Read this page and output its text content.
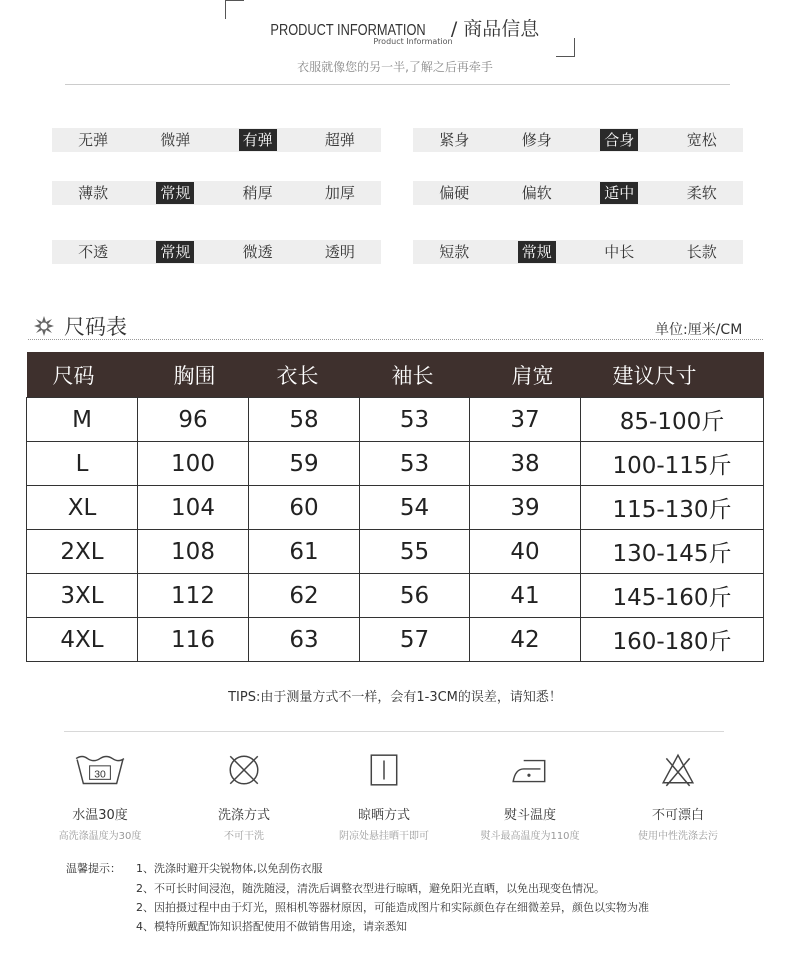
PRODUCT INFORMATION / 商品信息
Product Information
衣服就像您的另一半,了解之后再牵手
尺码表	单位:厘米/CM
尺码	胸围	衣长	袖长	肩宽	建议尺寸
M	96	58	53	37	85-100斤
L	100	59	53	38	100-115斤
XL	104	60	54	39	115-130斤
2XL	108	61	55	40	130-145斤
3XL	112	62	56	41	145-160斤
4XL	116	63	57	42	160-180斤
TIPS:由于测量方式不一样，会有1-3CM的误差，请知悉！
30
水温30度
高洗涤温度为30度
洗涤方式
不可干洗
晾晒方式
阴凉处悬挂晒干即可
熨斗温度
熨斗最高温度为110度
不可漂白
使用中性洗涤去污
温馨提示： 1、洗涤时避开尖锐物体,以免刮伤衣服
2、不可长时间浸泡，随洗随浸，清洗后调整衣型进行晾晒，避免阳光直晒，以免出现变色情况。
2、因拍摄过程中由于灯光，照相机等器材原因，可能造成图片和实际颜色存在细微差异，颜色以实物为准
4、模特所戴配饰知识搭配使用不做销售用途，请亲悉知
无弹	微弹	有弹	超弹	紧身	修身	合身	宽松
薄款	常规	稍厚	加厚	偏硬	偏软	适中	柔软
不透	常规	微透	透明	短款	常规	中长	长款
